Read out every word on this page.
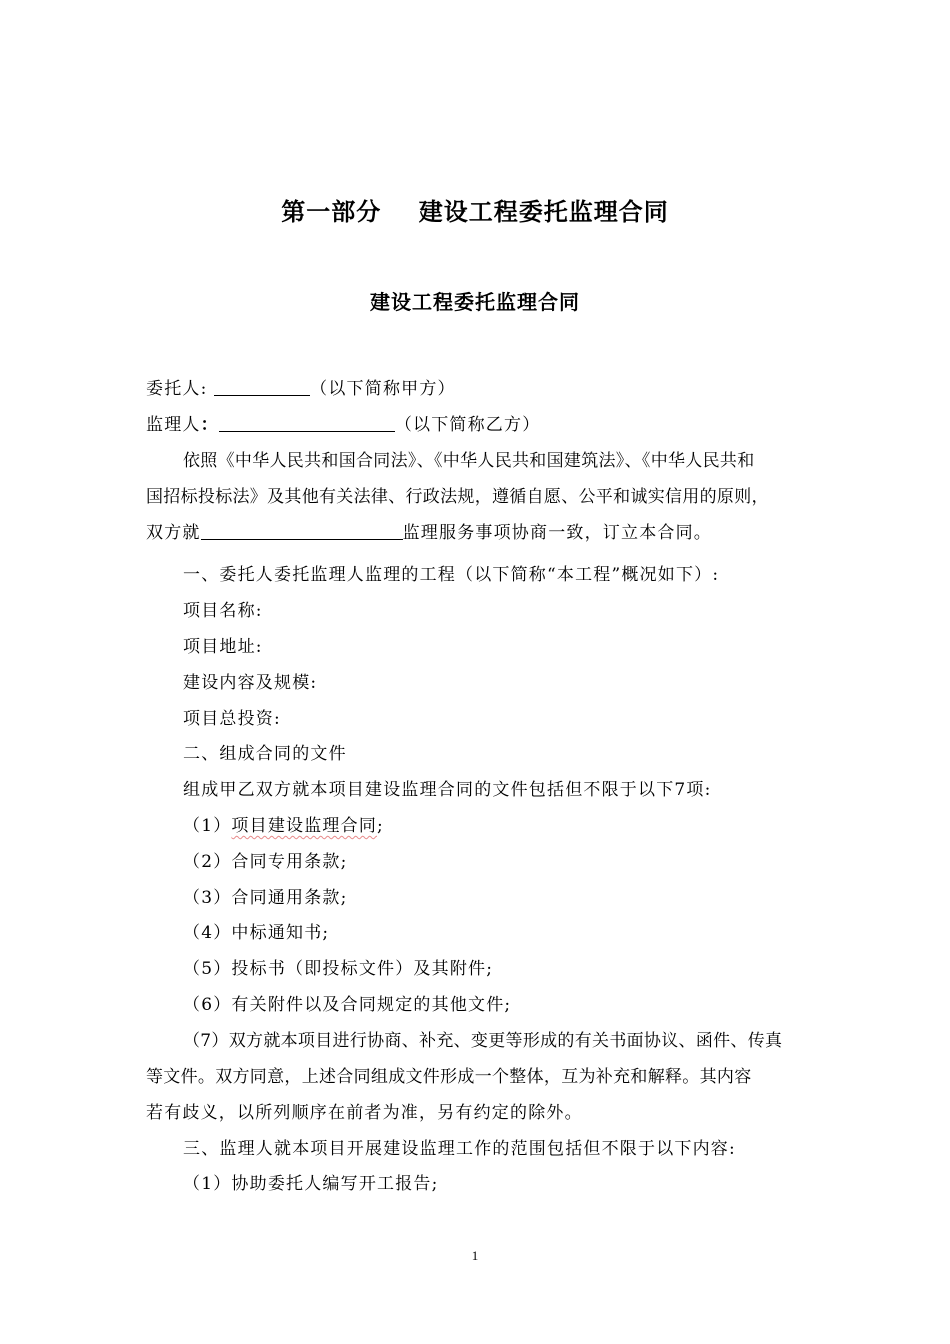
第一部分    建设工程委托监理合同
建设工程委托监理合同
委托人:	（以下简称甲方）
监理人：	（以下简称乙方）
依照《中华人民共和国合同法》、《中华人民共和国建筑法》、《中华人民共和
国招标投标法》及其他有关法律、行政法规，遵循自愿、公平和诚实信用的原则，
双方就	监理服务事项协商一致，订立本合同。
一、委托人委托监理人监理的工程（以下简称“本工程”概况如下）:
项目名称:
项目地址:
建设内容及规模:
项目总投资:
二、组成合同的文件
组成甲乙双方就本项目建设监理合同的文件包括但不限于以下7项:
（1）项目建设监理合同;
（2）合同专用条款;
（3）合同通用条款;
（4）中标通知书;
（5）投标书（即投标文件）及其附件;
（6）有关附件以及合同规定的其他文件;
（7）双方就本项目进行协商、补充、变更等形成的有关书面协议、函件、传真
等文件。双方同意，上述合同组成文件形成一个整体，互为补充和解释。其内容
若有歧义，以所列顺序在前者为准，另有约定的除外。
三、监理人就本项目开展建设监理工作的范围包括但不限于以下内容:
（1）协助委托人编写开工报告;
1
